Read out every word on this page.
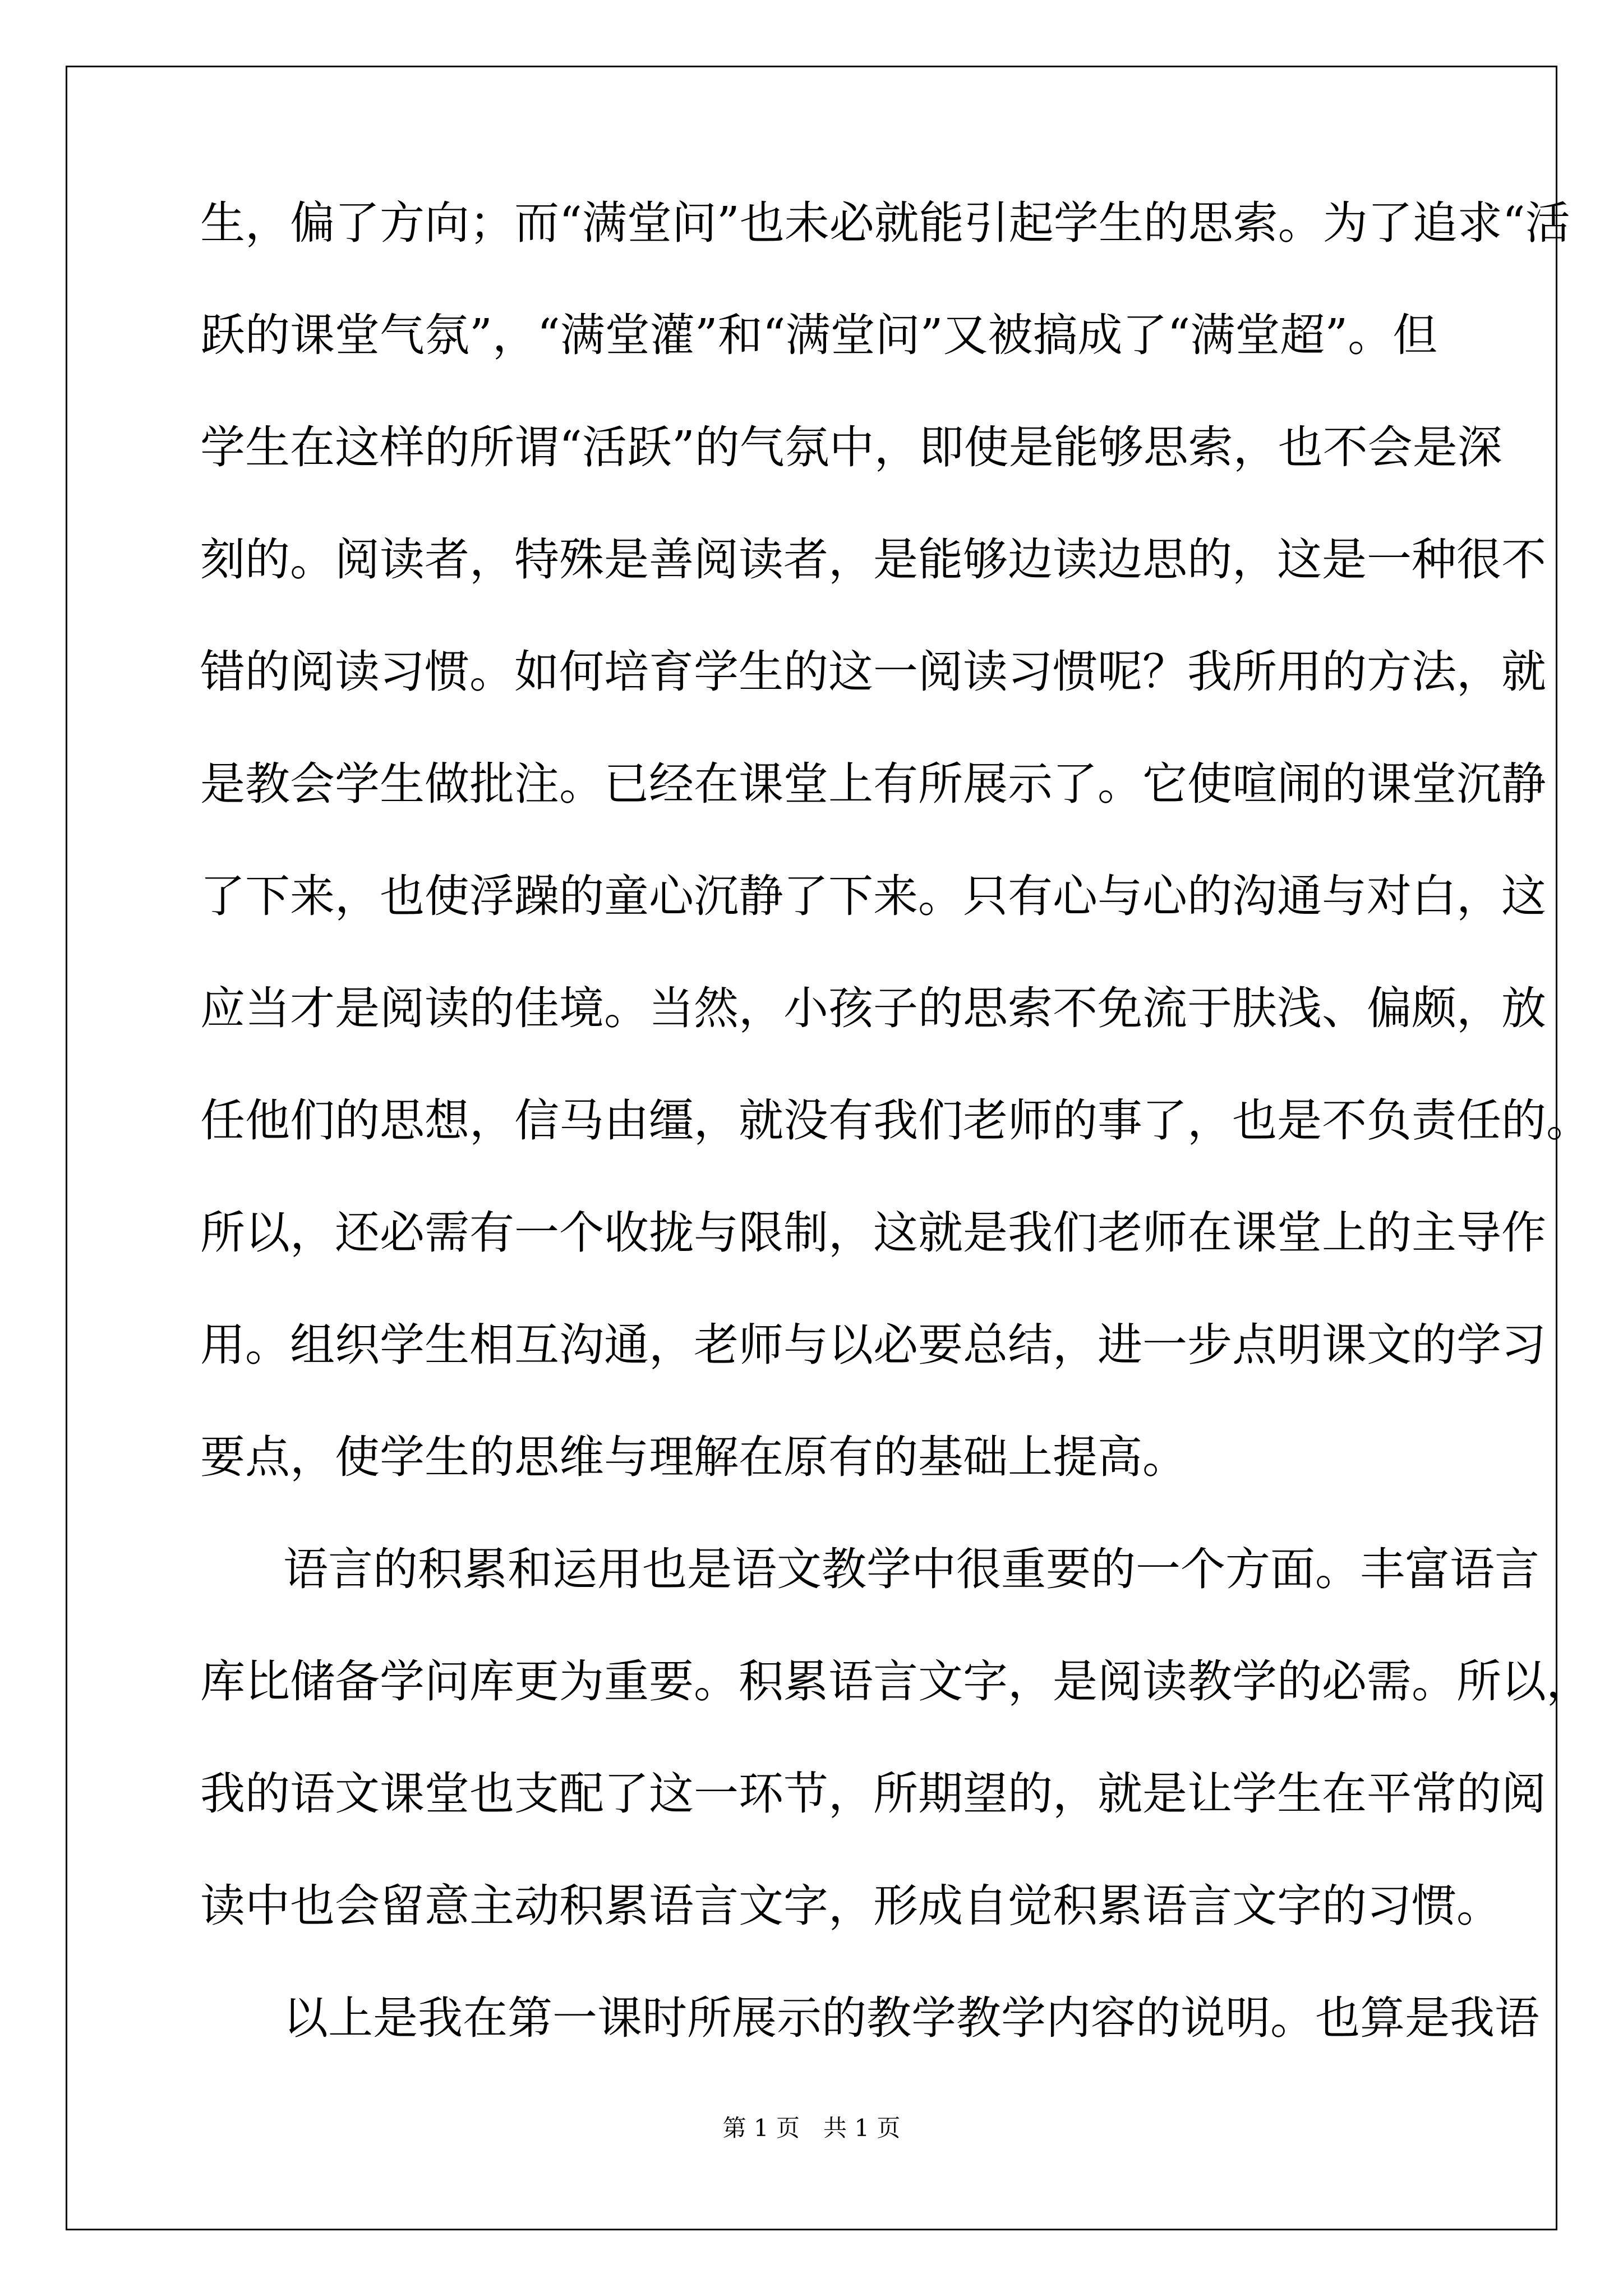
生，偏了方向；而“满堂问”也未必就能引起学生的思索。为了追求“活
跃的课堂气氛”，“满堂灌”和“满堂问”又被搞成了“满堂超”。但
学生在这样的所谓“活跃”的气氛中，即使是能够思索，也不会是深
刻的。阅读者，特殊是善阅读者，是能够边读边思的，这是一种很不
错的阅读习惯。如何培育学生的这一阅读习惯呢？我所用的方法，就
是教会学生做批注。已经在课堂上有所展示了。它使喧闹的课堂沉静
了下来，也使浮躁的童心沉静了下来。只有心与心的沟通与对白，这
应当才是阅读的佳境。当然，小孩子的思索不免流于肤浅、偏颇，放
任他们的思想，信马由缰，就没有我们老师的事了，也是不负责任的。
所以，还必需有一个收拢与限制，这就是我们老师在课堂上的主导作
用。组织学生相互沟通，老师与以必要总结，进一步点明课文的学习
要点，使学生的思维与理解在原有的基础上提高。
语言的积累和运用也是语文教学中很重要的一个方面。丰富语言
库比储备学问库更为重要。积累语言文字，是阅读教学的必需。所以，
我的语文课堂也支配了这一环节，所期望的，就是让学生在平常的阅
读中也会留意主动积累语言文字，形成自觉积累语言文字的习惯。
以上是我在第一课时所展示的教学教学内容的说明。也算是我语
第 1 页　共 1 页
